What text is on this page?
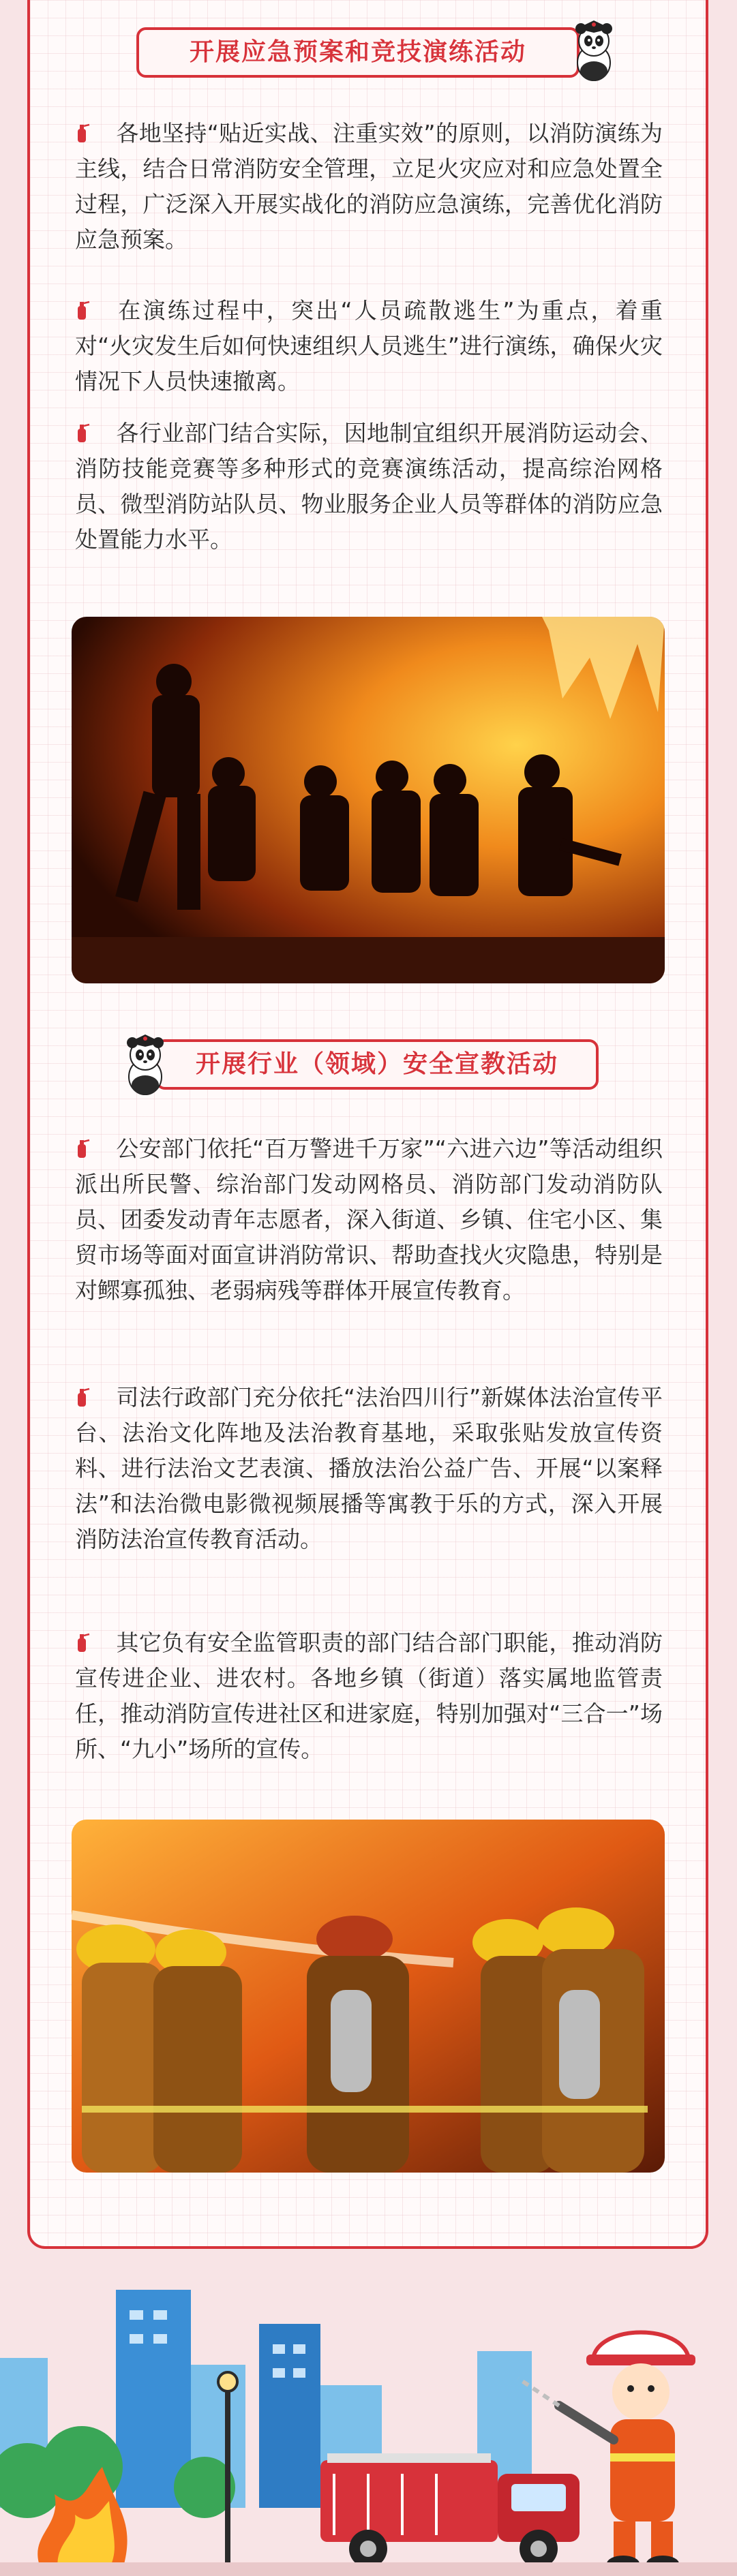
开展应急预案和竞技演练活动

各地坚持“贴近实战、注重实效”的原则，以消防演练为主线，结合日常消防安全管理，立足火灾应对和应急处置全过程，广泛深入开展实战化的消防应急演练，完善优化消防应急预案。

在演练过程中，突出“人员疏散逃生”为重点，着重对“火灾发生后如何快速组织人员逃生”进行演练，确保火灾情况下人员快速撤离。

各行业部门结合实际，因地制宜组织开展消防运动会、消防技能竞赛等多种形式的竞赛演练活动，提高综治网格员、微型消防站队员、物业服务企业人员等群体的消防应急处置能力水平。

开展行业（领域）安全宣教活动

公安部门依托“百万警进千万家”“六进六边”等活动组织派出所民警、综治部门发动网格员、消防部门发动消防队员、团委发动青年志愿者，深入街道、乡镇、住宅小区、集贸市场等面对面宣讲消防常识、帮助查找火灾隐患，特别是对鳏寡孤独、老弱病残等群体开展宣传教育。

司法行政部门充分依托“法治四川行”新媒体法治宣传平台、法治文化阵地及法治教育基地，采取张贴发放宣传资料、进行法治文艺表演、播放法治公益广告、开展“以案释法”和法治微电影微视频展播等寓教于乐的方式，深入开展消防法治宣传教育活动。

其它负有安全监管职责的部门结合部门职能，推动消防宣传进企业、进农村。各地乡镇（街道）落实属地监管责任，推动消防宣传进社区和进家庭，特别加强对“三合一”场所、“九小”场所的宣传。
